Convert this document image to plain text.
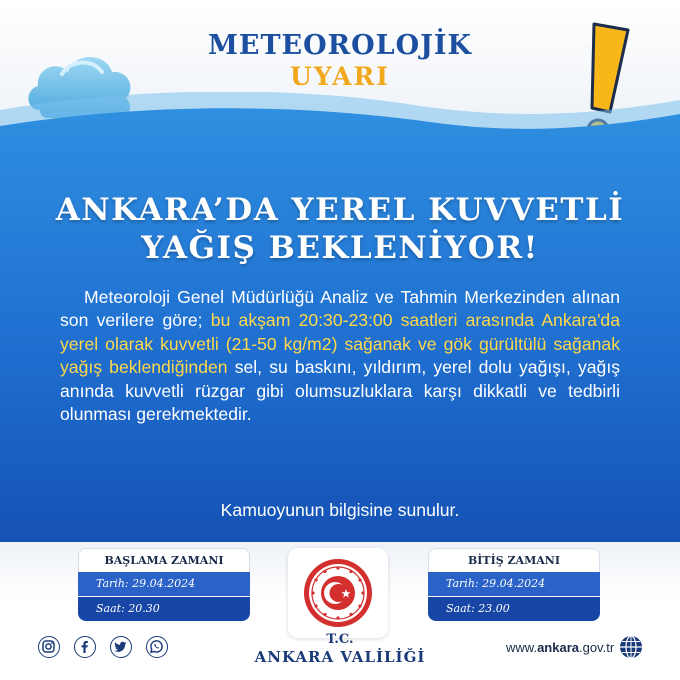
METEOROLOJİK
UYARI
ANKARA’DA YEREL KUVVETLİ
YAĞIŞ BEKLENİYOR!

Meteoroloji Genel Müdürlüğü Analiz ve Tahmin Merkezinden alınan son verilere göre; bu akşam 20:30-23:00 saatleri arasında Ankara'da yerel olarak kuvvetli (21-50 kg/m2) sağanak ve gök gürültülü sağanak yağış beklendiğinden sel, su baskını, yıldırım, yerel dolu yağışı, yağış anında kuvvetli rüzgar gibi olumsuzluklara karşı dikkatli ve tedbirli olunması gerekmektedir.

Kamuoyunun bilgisine sunulur.
BAŞLAMA ZAMANI
Tarih: 29.04.2024
Saat: 20.30
BİTİŞ ZAMANI
Tarih: 29.04.2024
Saat: 23.00
T.C.
ANKARA VALİLİĞİ
www.ankara.gov.tr
